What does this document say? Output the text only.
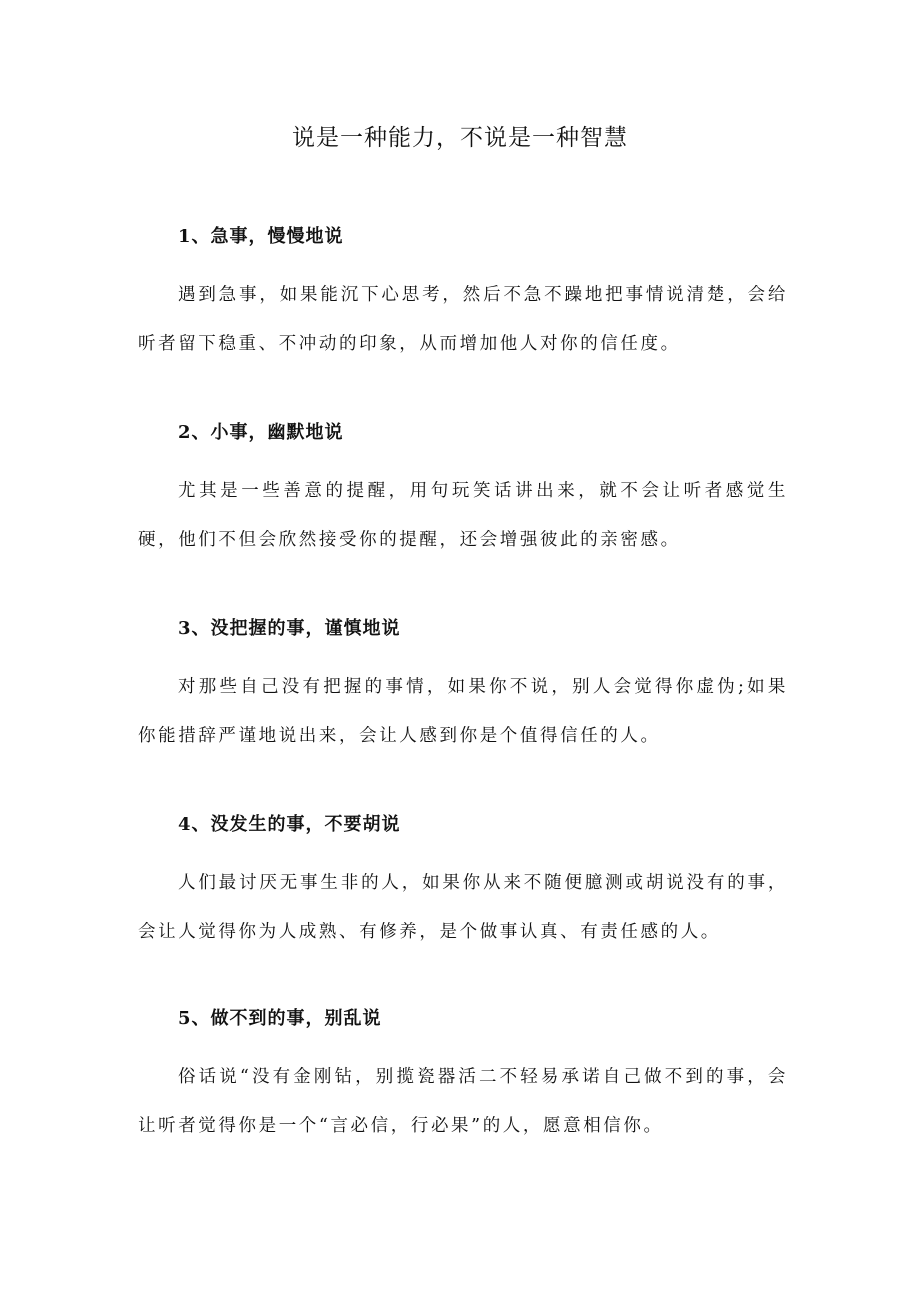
说是一种能力，不说是一种智慧

1、急事，慢慢地说

遇到急事，如果能沉下心思考，然后不急不躁地把事情说清楚，会给听者留下稳重、不冲动的印象，从而增加他人对你的信任度。

2、小事，幽默地说

尤其是一些善意的提醒，用句玩笑话讲出来，就不会让听者感觉生硬，他们不但会欣然接受你的提醒，还会增强彼此的亲密感。

3、没把握的事，谨慎地说

对那些自己没有把握的事情，如果你不说，别人会觉得你虚伪;如果你能措辞严谨地说出来，会让人感到你是个值得信任的人。

4、没发生的事，不要胡说

人们最讨厌无事生非的人，如果你从来不随便臆测或胡说没有的事，会让人觉得你为人成熟、有修养，是个做事认真、有责任感的人。

5、做不到的事，别乱说

俗话说“没有金刚钻，别揽瓷器活二不轻易承诺自己做不到的事，会让听者觉得你是一个“言必信，行必果”的人，愿意相信你。
